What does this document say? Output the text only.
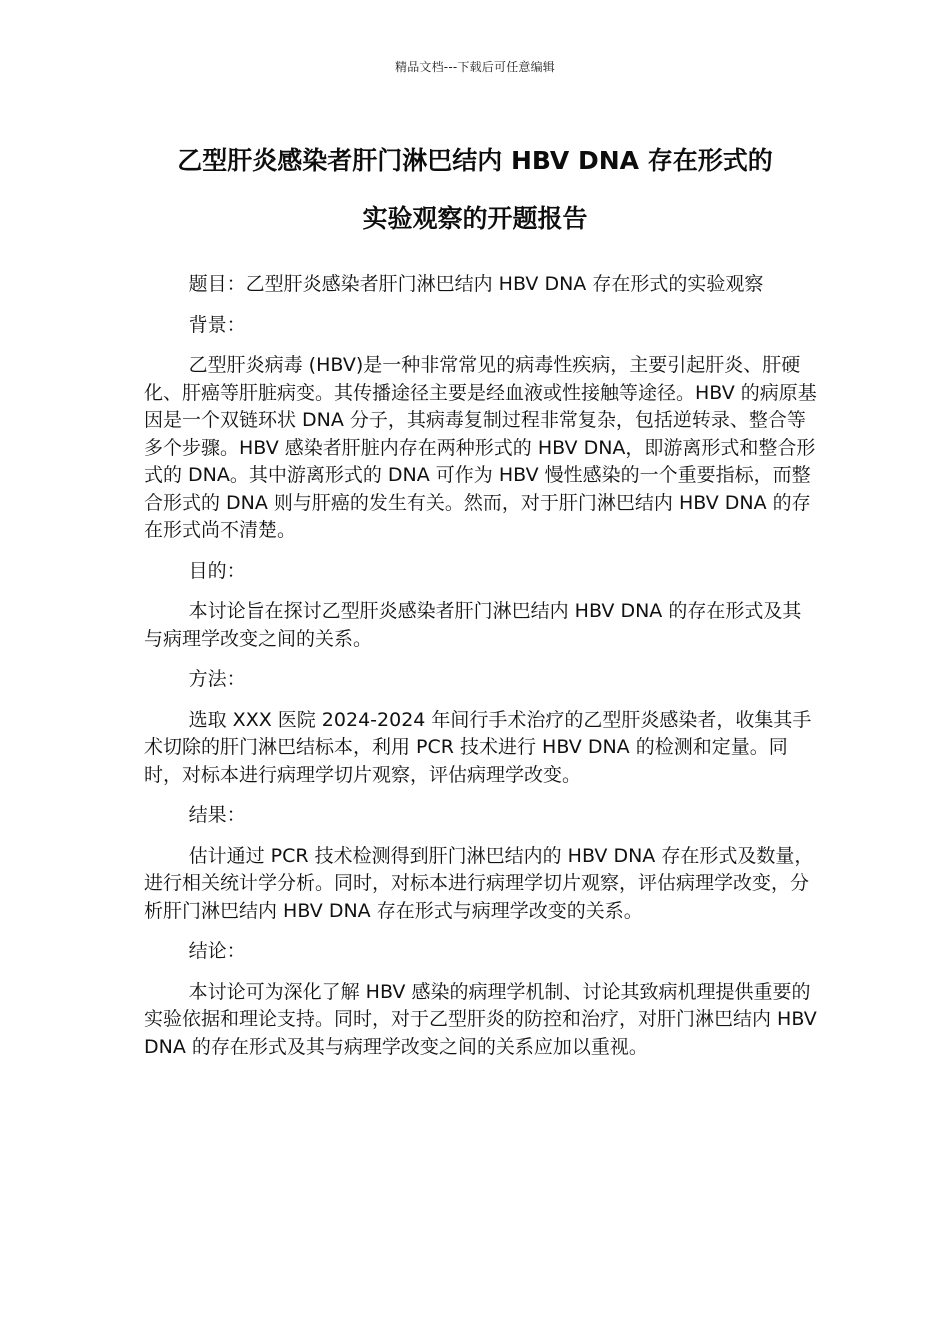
精品文档---下载后可任意编辑
乙型肝炎感染者肝门淋巴结内 HBV DNA 存在形式的
实验观察的开题报告

题目：乙型肝炎感染者肝门淋巴结内 HBV DNA 存在形式的实验观察

背景：

乙型肝炎病毒 (HBV)是一种非常常见的病毒性疾病，主要引起肝炎、肝硬化、肝癌等肝脏病变。其传播途径主要是经血液或性接触等途径。HBV 的病原基因是一个双链环状 DNA 分子，其病毒复制过程非常复杂，包括逆转录、整合等多个步骤。HBV 感染者肝脏内存在两种形式的 HBV DNA，即游离形式和整合形式的 DNA。其中游离形式的 DNA 可作为 HBV 慢性感染的一个重要指标，而整合形式的 DNA 则与肝癌的发生有关。然而，对于肝门淋巴结内 HBV DNA 的存在形式尚不清楚。

目的：

本讨论旨在探讨乙型肝炎感染者肝门淋巴结内 HBV DNA 的存在形式及其与病理学改变之间的关系。

方法：

选取 XXX 医院 2024-2024 年间行手术治疗的乙型肝炎感染者，收集其手术切除的肝门淋巴结标本，利用 PCR 技术进行 HBV DNA 的检测和定量。同时，对标本进行病理学切片观察，评估病理学改变。

结果：

估计通过 PCR 技术检测得到肝门淋巴结内的 HBV DNA 存在形式及数量，进行相关统计学分析。同时，对标本进行病理学切片观察，评估病理学改变，分析肝门淋巴结内 HBV DNA 存在形式与病理学改变的关系。

结论：

本讨论可为深化了解 HBV 感染的病理学机制、讨论其致病机理提供重要的实验依据和理论支持。同时，对于乙型肝炎的防控和治疗，对肝门淋巴结内 HBV DNA 的存在形式及其与病理学改变之间的关系应加以重视。
